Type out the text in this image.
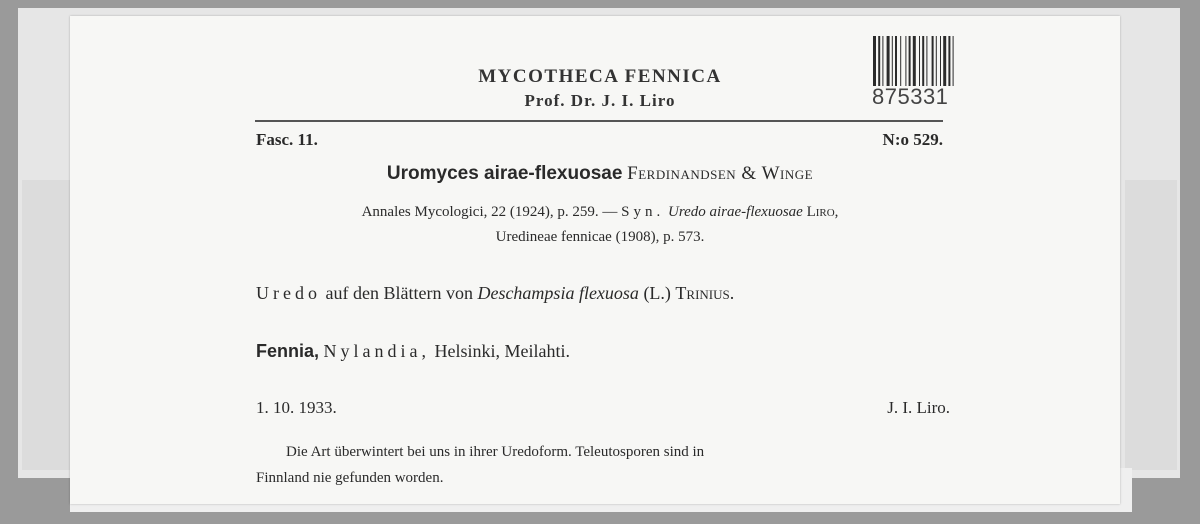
MYCOTHECA FENNICA
Prof. Dr. J. I. Liro	875331
Fasc. 11.	N:o 529.
Uromyces airae-flexuosae Ferdinandsen & Winge
Annales Mycologici, 22 (1924), p. 259. — Syn. Uredo airae-flexuosae Liro,
Uredineae fennicae (1908), p. 573.
Uredo auf den Blättern von Deschampsia flexuosa (L.) Trinius.
Fennia, Nylandia, Helsinki, Meilahti.
1. 10. 1933.	J. I. Liro.
Die Art überwintert bei uns in ihrer Uredoform. Teleutosporen sind in
Finnland nie gefunden worden.
